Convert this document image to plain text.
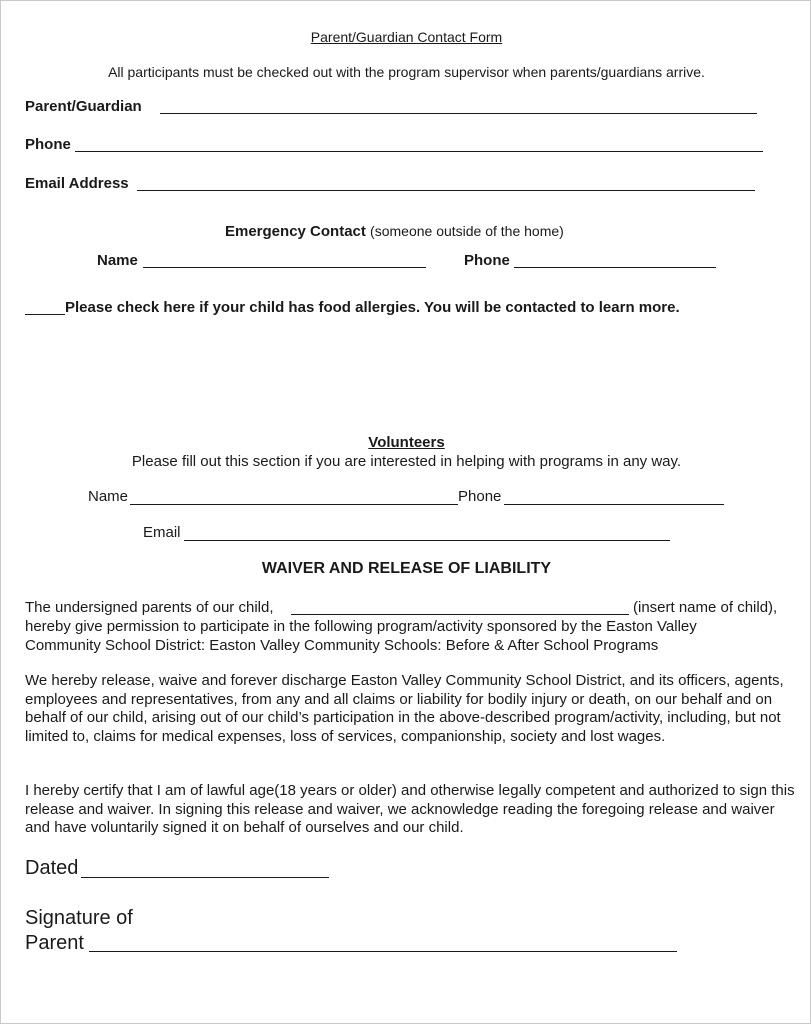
Parent/Guardian Contact Form
All participants must be checked out with the program supervisor when parents/guardians arrive.
Parent/Guardian
Phone
Email Address
Emergency Contact (someone outside of the home)
Name	Phone
Please check here if your child has food allergies. You will be contacted to learn more.
Volunteers
Please fill out this section if you are interested in helping with programs in any way.
Name	Phone
Email
WAIVER AND RELEASE OF LIABILITY
The undersigned parents of our child,	(insert name of child),
hereby give permission to participate in the following program/activity sponsored by the Easton Valley Community School District: Easton Valley Community Schools: Before & After School Programs
We hereby release, waive and forever discharge Easton Valley Community School District, and its officers, agents, employees and representatives, from any and all claims or liability for bodily injury or death, on our behalf and on behalf of our child, arising out of our child’s participation in the above-described program/activity, including, but not limited to, claims for medical expenses, loss of services, companionship, society and lost wages.
I hereby certify that I am of lawful age(18 years or older) and otherwise legally competent and authorized to sign this release and waiver. In signing this release and waiver, we acknowledge reading the foregoing release and waiver and have voluntarily signed it on behalf of ourselves and our child.
Dated
Signature of
Parent
